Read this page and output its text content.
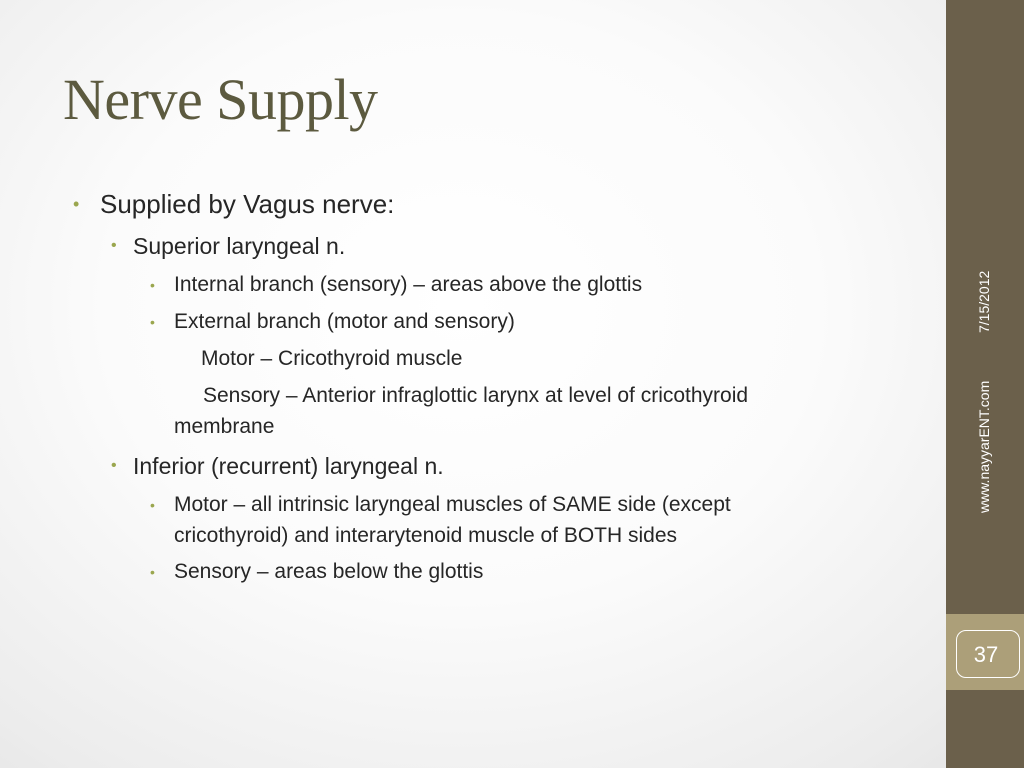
Nerve Supply
• Supplied by Vagus nerve:
• Superior laryngeal n.
• Internal branch (sensory) – areas above the glottis
• External branch (motor and sensory)
Motor – Cricothyroid muscle
Sensory – Anterior infraglottic larynx at level of cricothyroid
membrane
• Inferior (recurrent) laryngeal n.
• Motor – all intrinsic laryngeal muscles of SAME side (except
cricothyroid) and interarytenoid muscle of BOTH sides
• Sensory – areas below the glottis
7/15/2012
www.nayyarENT.com
37
